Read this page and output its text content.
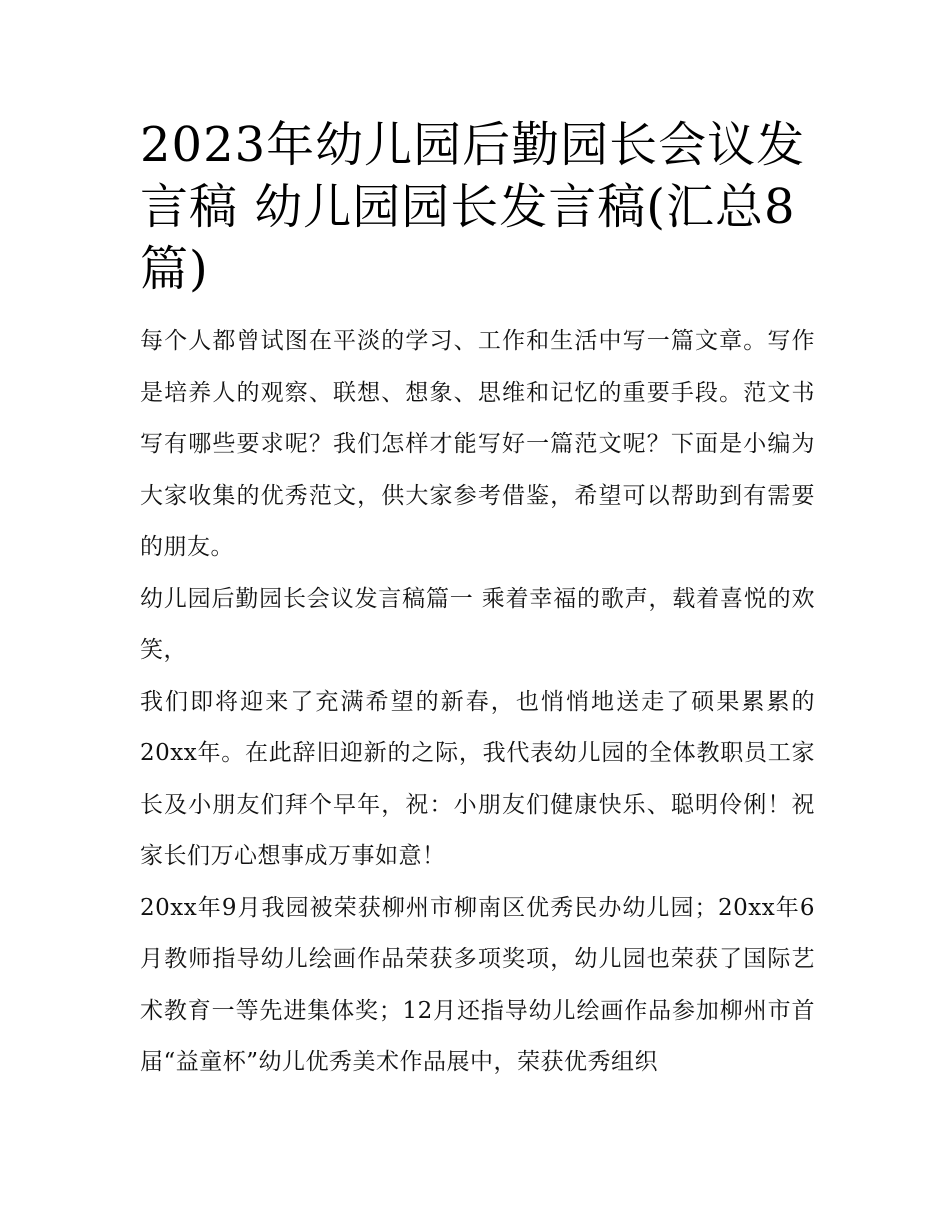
2023年幼儿园后勤园长会议发言稿 幼儿园园长发言稿(汇总8篇)

每个人都曾试图在平淡的学习、工作和生活中写一篇文章。写作是培养人的观察、联想、想象、思维和记忆的重要手段。范文书写有哪些要求呢？我们怎样才能写好一篇范文呢？下面是小编为大家收集的优秀范文，供大家参考借鉴，希望可以帮助到有需要的朋友。

幼儿园后勤园长会议发言稿篇一 乘着幸福的歌声，载着喜悦的欢笑，

我们即将迎来了充满希望的新春，也悄悄地送走了硕果累累的20xx年。在此辞旧迎新的之际，我代表幼儿园的全体教职员工家长及小朋友们拜个早年，祝：小朋友们健康快乐、聪明伶俐！祝家长们万心想事成万事如意！

20xx年9月我园被荣获柳州市柳南区优秀民办幼儿园；20xx年6月教师指导幼儿绘画作品荣获多项奖项，幼儿园也荣获了国际艺术教育一等先进集体奖；12月还指导幼儿绘画作品参加柳州市首届“益童杯”幼儿优秀美术作品展中，荣获优秀组织
